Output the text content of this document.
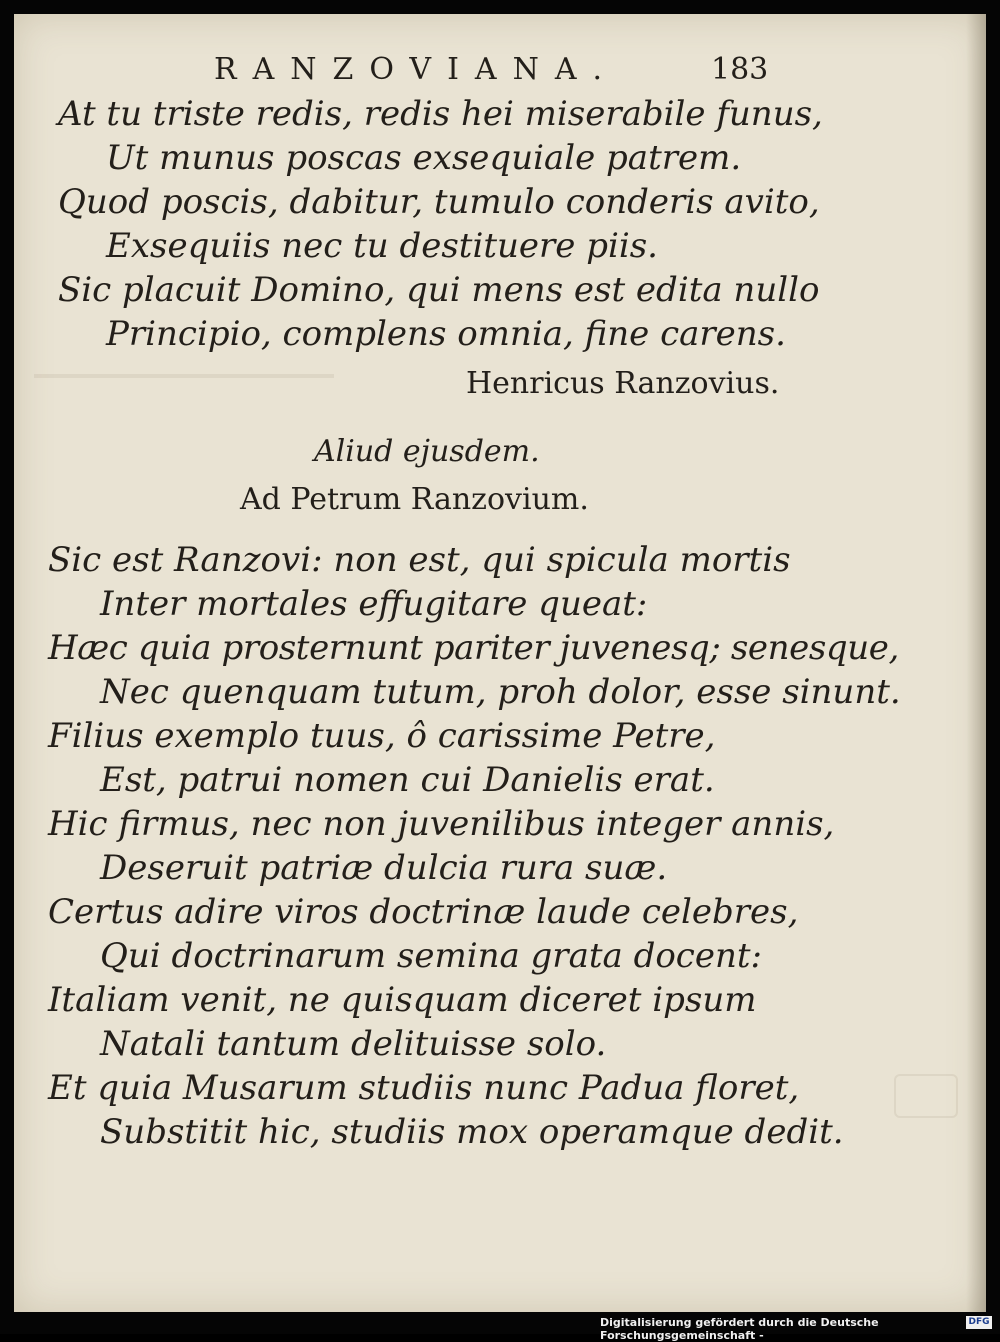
RANZOVIANA.	183
At tu triste redis, redis hei miserabile funus,
Ut munus poscas exsequiale patrem.
Quod poscis, dabitur, tumulo conderis avito,
Exsequiis nec tu destituere piis.
Sic placuit Domino, qui mens est edita nullo
Principio, complens omnia, fine carens.
Henricus Ranzovius.
Aliud ejusdem.
Ad Petrum Ranzovium.
Sic est Ranzovi: non est, qui spicula mortis
Inter mortales effugitare queat:
Hæc quia prosternunt pariter juvenesq; senesque,
Nec quenquam tutum, proh dolor, esse sinunt.
Filius exemplo tuus, ô carissime Petre,
Est, patrui nomen cui Danielis erat.
Hic firmus, nec non juvenilibus integer annis,
Deseruit patriæ dulcia rura suæ.
Certus adire viros doctrinæ laude celebres,
Qui doctrinarum semina grata docent:
Italiam venit, ne quisquam diceret ipsum
Natali tantum delituisse solo.
Et quia Musarum studiis nunc Padua floret,
Substitit hic, studiis mox operamque dedit.
Digitalisierung gefördert durch die Deutsche Forschungsgemeinschaft -
DFG
